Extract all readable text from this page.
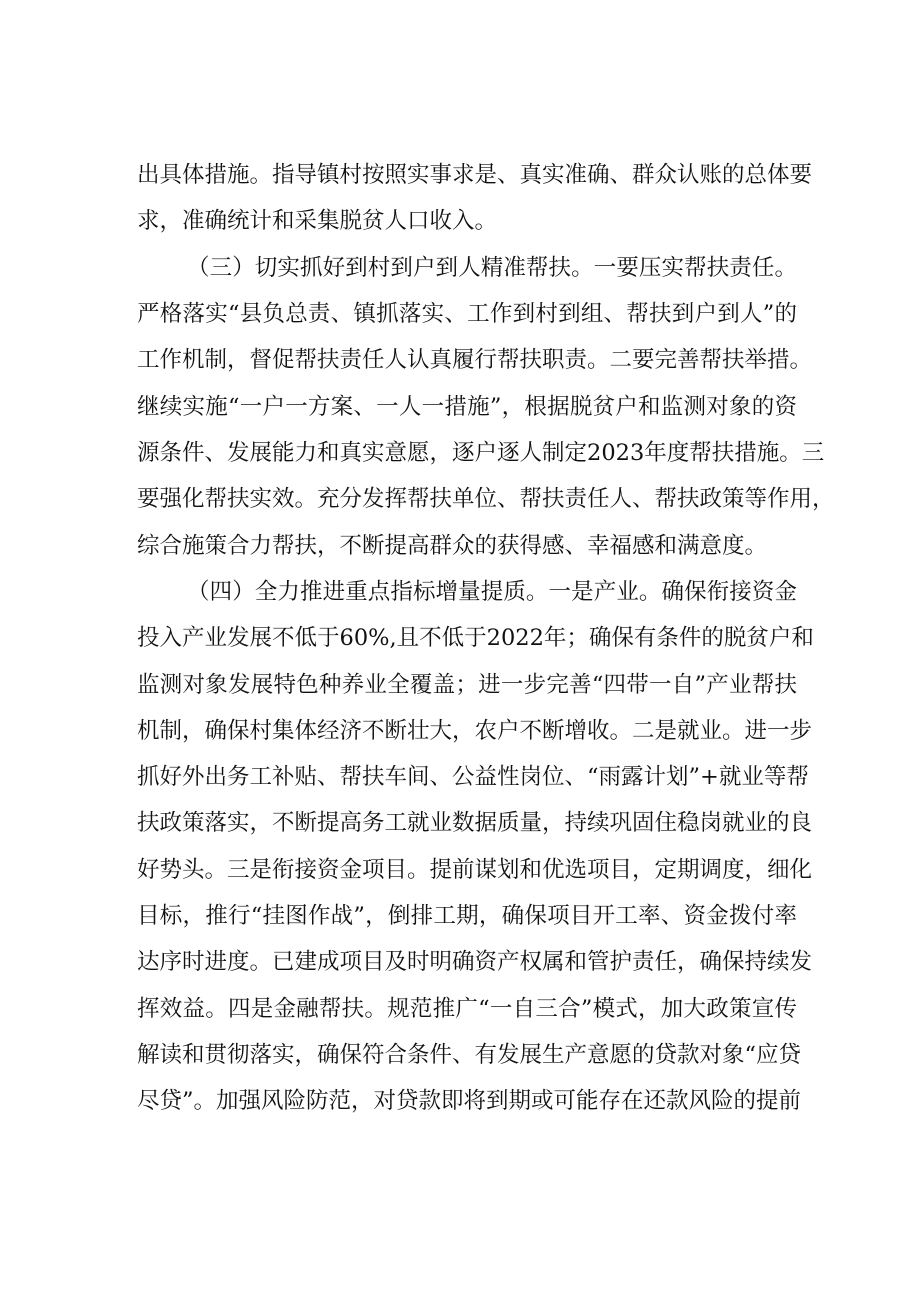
出具体措施。指导镇村按照实事求是、真实准确、群众认账的总体要
求，准确统计和采集脱贫人口收入。
（三）切实抓好到村到户到人精准帮扶。一要压实帮扶责任。
严格落实“县负总责、镇抓落实、工作到村到组、帮扶到户到人”的
工作机制，督促帮扶责任人认真履行帮扶职责。二要完善帮扶举措。
继续实施“一户一方案、一人一措施”，根据脱贫户和监测对象的资
源条件、发展能力和真实意愿，逐户逐人制定2023年度帮扶措施。三
要强化帮扶实效。充分发挥帮扶单位、帮扶责任人、帮扶政策等作用，
综合施策合力帮扶，不断提高群众的获得感、幸福感和满意度。
（四）全力推进重点指标增量提质。一是产业。确保衔接资金
投入产业发展不低于60%,且不低于2022年；确保有条件的脱贫户和
监测对象发展特色种养业全覆盖；进一步完善“四带一自”产业帮扶
机制，确保村集体经济不断壮大，农户不断增收。二是就业。进一步
抓好外出务工补贴、帮扶车间、公益性岗位、“雨露计划”+就业等帮
扶政策落实，不断提高务工就业数据质量，持续巩固住稳岗就业的良
好势头。三是衔接资金项目。提前谋划和优选项目，定期调度，细化
目标，推行“挂图作战”，倒排工期，确保项目开工率、资金拨付率
达序时进度。已建成项目及时明确资产权属和管护责任，确保持续发
挥效益。四是金融帮扶。规范推广“一自三合”模式，加大政策宣传
解读和贯彻落实，确保符合条件、有发展生产意愿的贷款对象“应贷
尽贷”。加强风险防范，对贷款即将到期或可能存在还款风险的提前
